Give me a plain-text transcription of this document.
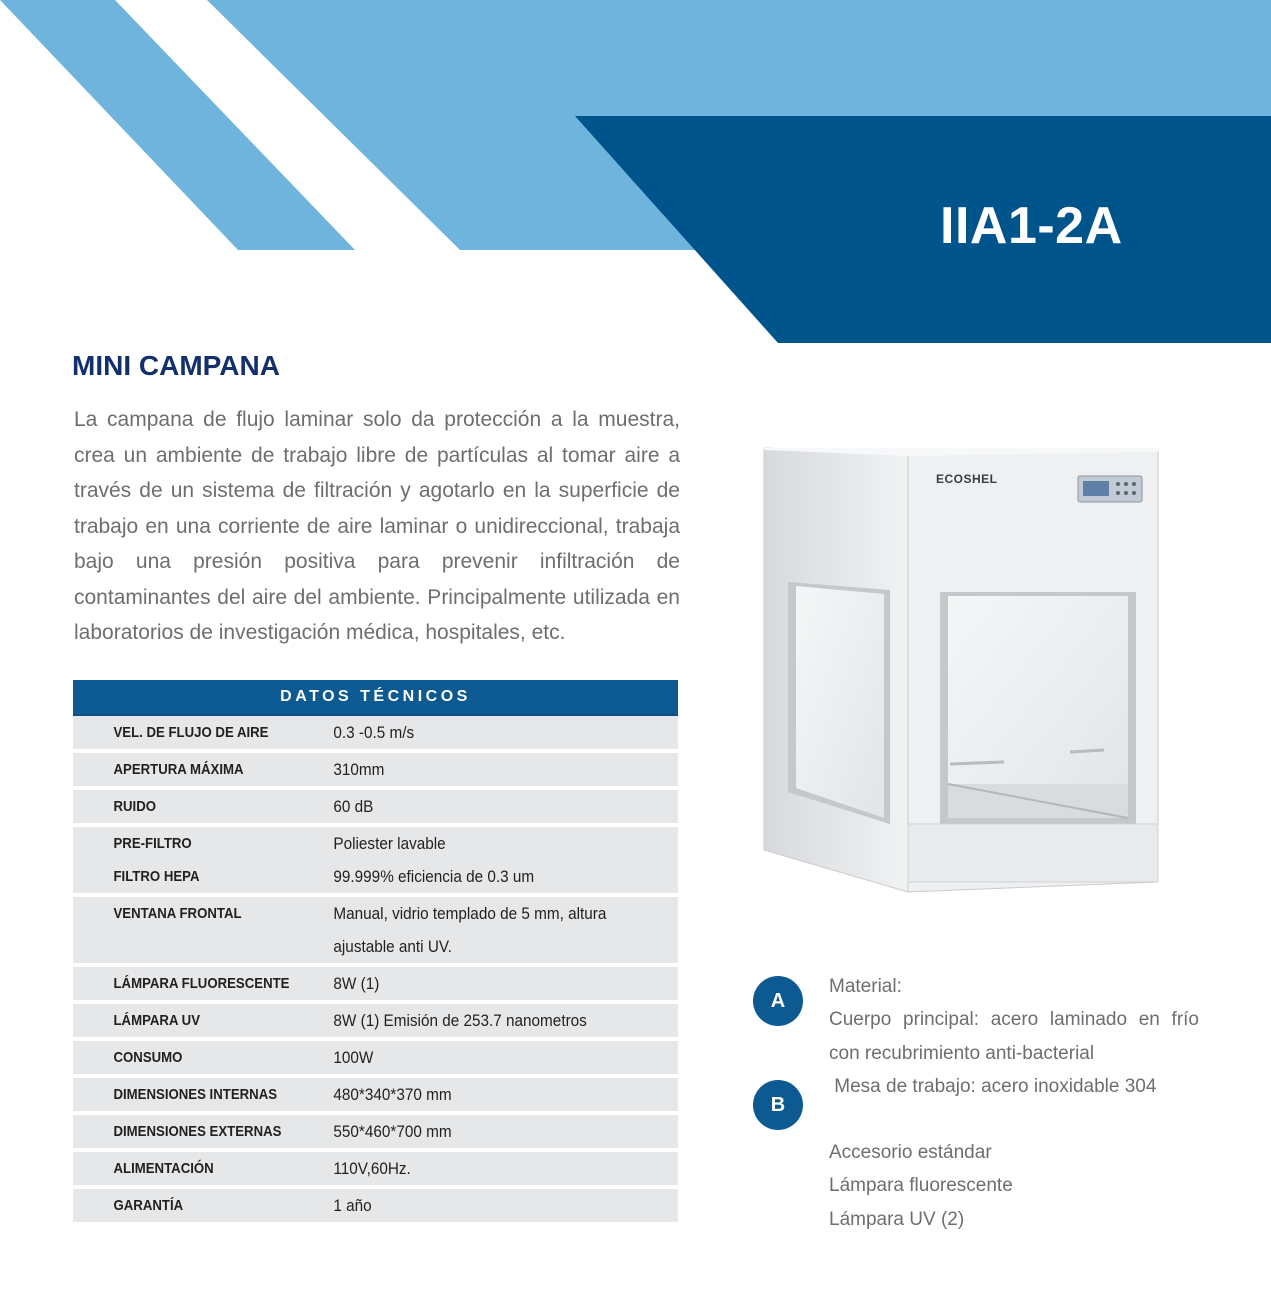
IIA1-2A
MINI CAMPANA
La campana de flujo laminar solo da protección a la muestra, crea un ambiente de trabajo libre de partículas al tomar aire a través de un sistema de filtración y agotarlo en la superficie de trabajo en una corriente de aire laminar o unidireccional, trabaja bajo una presión positiva para prevenir infiltración de contaminantes del aire del ambiente. Principalmente utilizada en laboratorios de investigación médica, hospitales, etc.
DATOS TÉCNICOS
VEL. DE FLUJO DE AIRE	0.3 -0.5 m/s
APERTURA MÁXIMA	310mm
RUIDO	60 dB
PRE-FILTRO	Poliester lavable
FILTRO HEPA	99.999% eficiencia de 0.3 um
VENTANA FRONTAL	Manual, vidrio templado de 5 mm, altura
ajustable anti UV.
LÁMPARA FLUORESCENTE	8W (1)
LÁMPARA UV	8W (1) Emisión de 253.7 nanometros
CONSUMO	100W
DIMENSIONES INTERNAS	480*340*370 mm
DIMENSIONES EXTERNAS	550*460*700 mm
ALIMENTACIÓN	110V,60Hz.
GARANTÍA	1 año
ECOSHEL
A
B
Material:
Cuerpo principal: acero laminado en frío
con recubrimiento anti-bacterial
Mesa de trabajo: acero inoxidable 304
Accesorio estándar
Lámpara fluorescente
Lámpara UV (2)
